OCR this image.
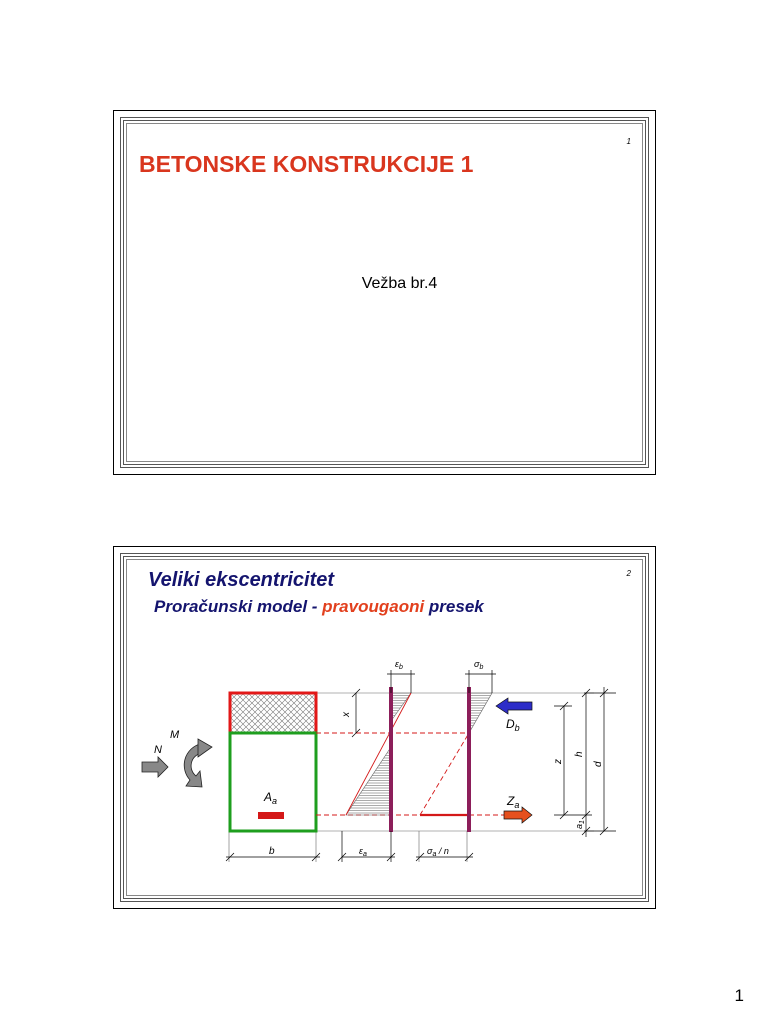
1
BETONSKE KONSTRUKCIJE 1
Vežba br.4
2
Veliki ekscentricitet
Proračunski model - pravougaoni presek
x
$\varepsilon_b$	$\sigma_b$
b	$\varepsilon_a$	$\sigma_a$ / n
$A_a$
M
N
$D_b$
$Z_a$
z
h
d
$a_1$
1
